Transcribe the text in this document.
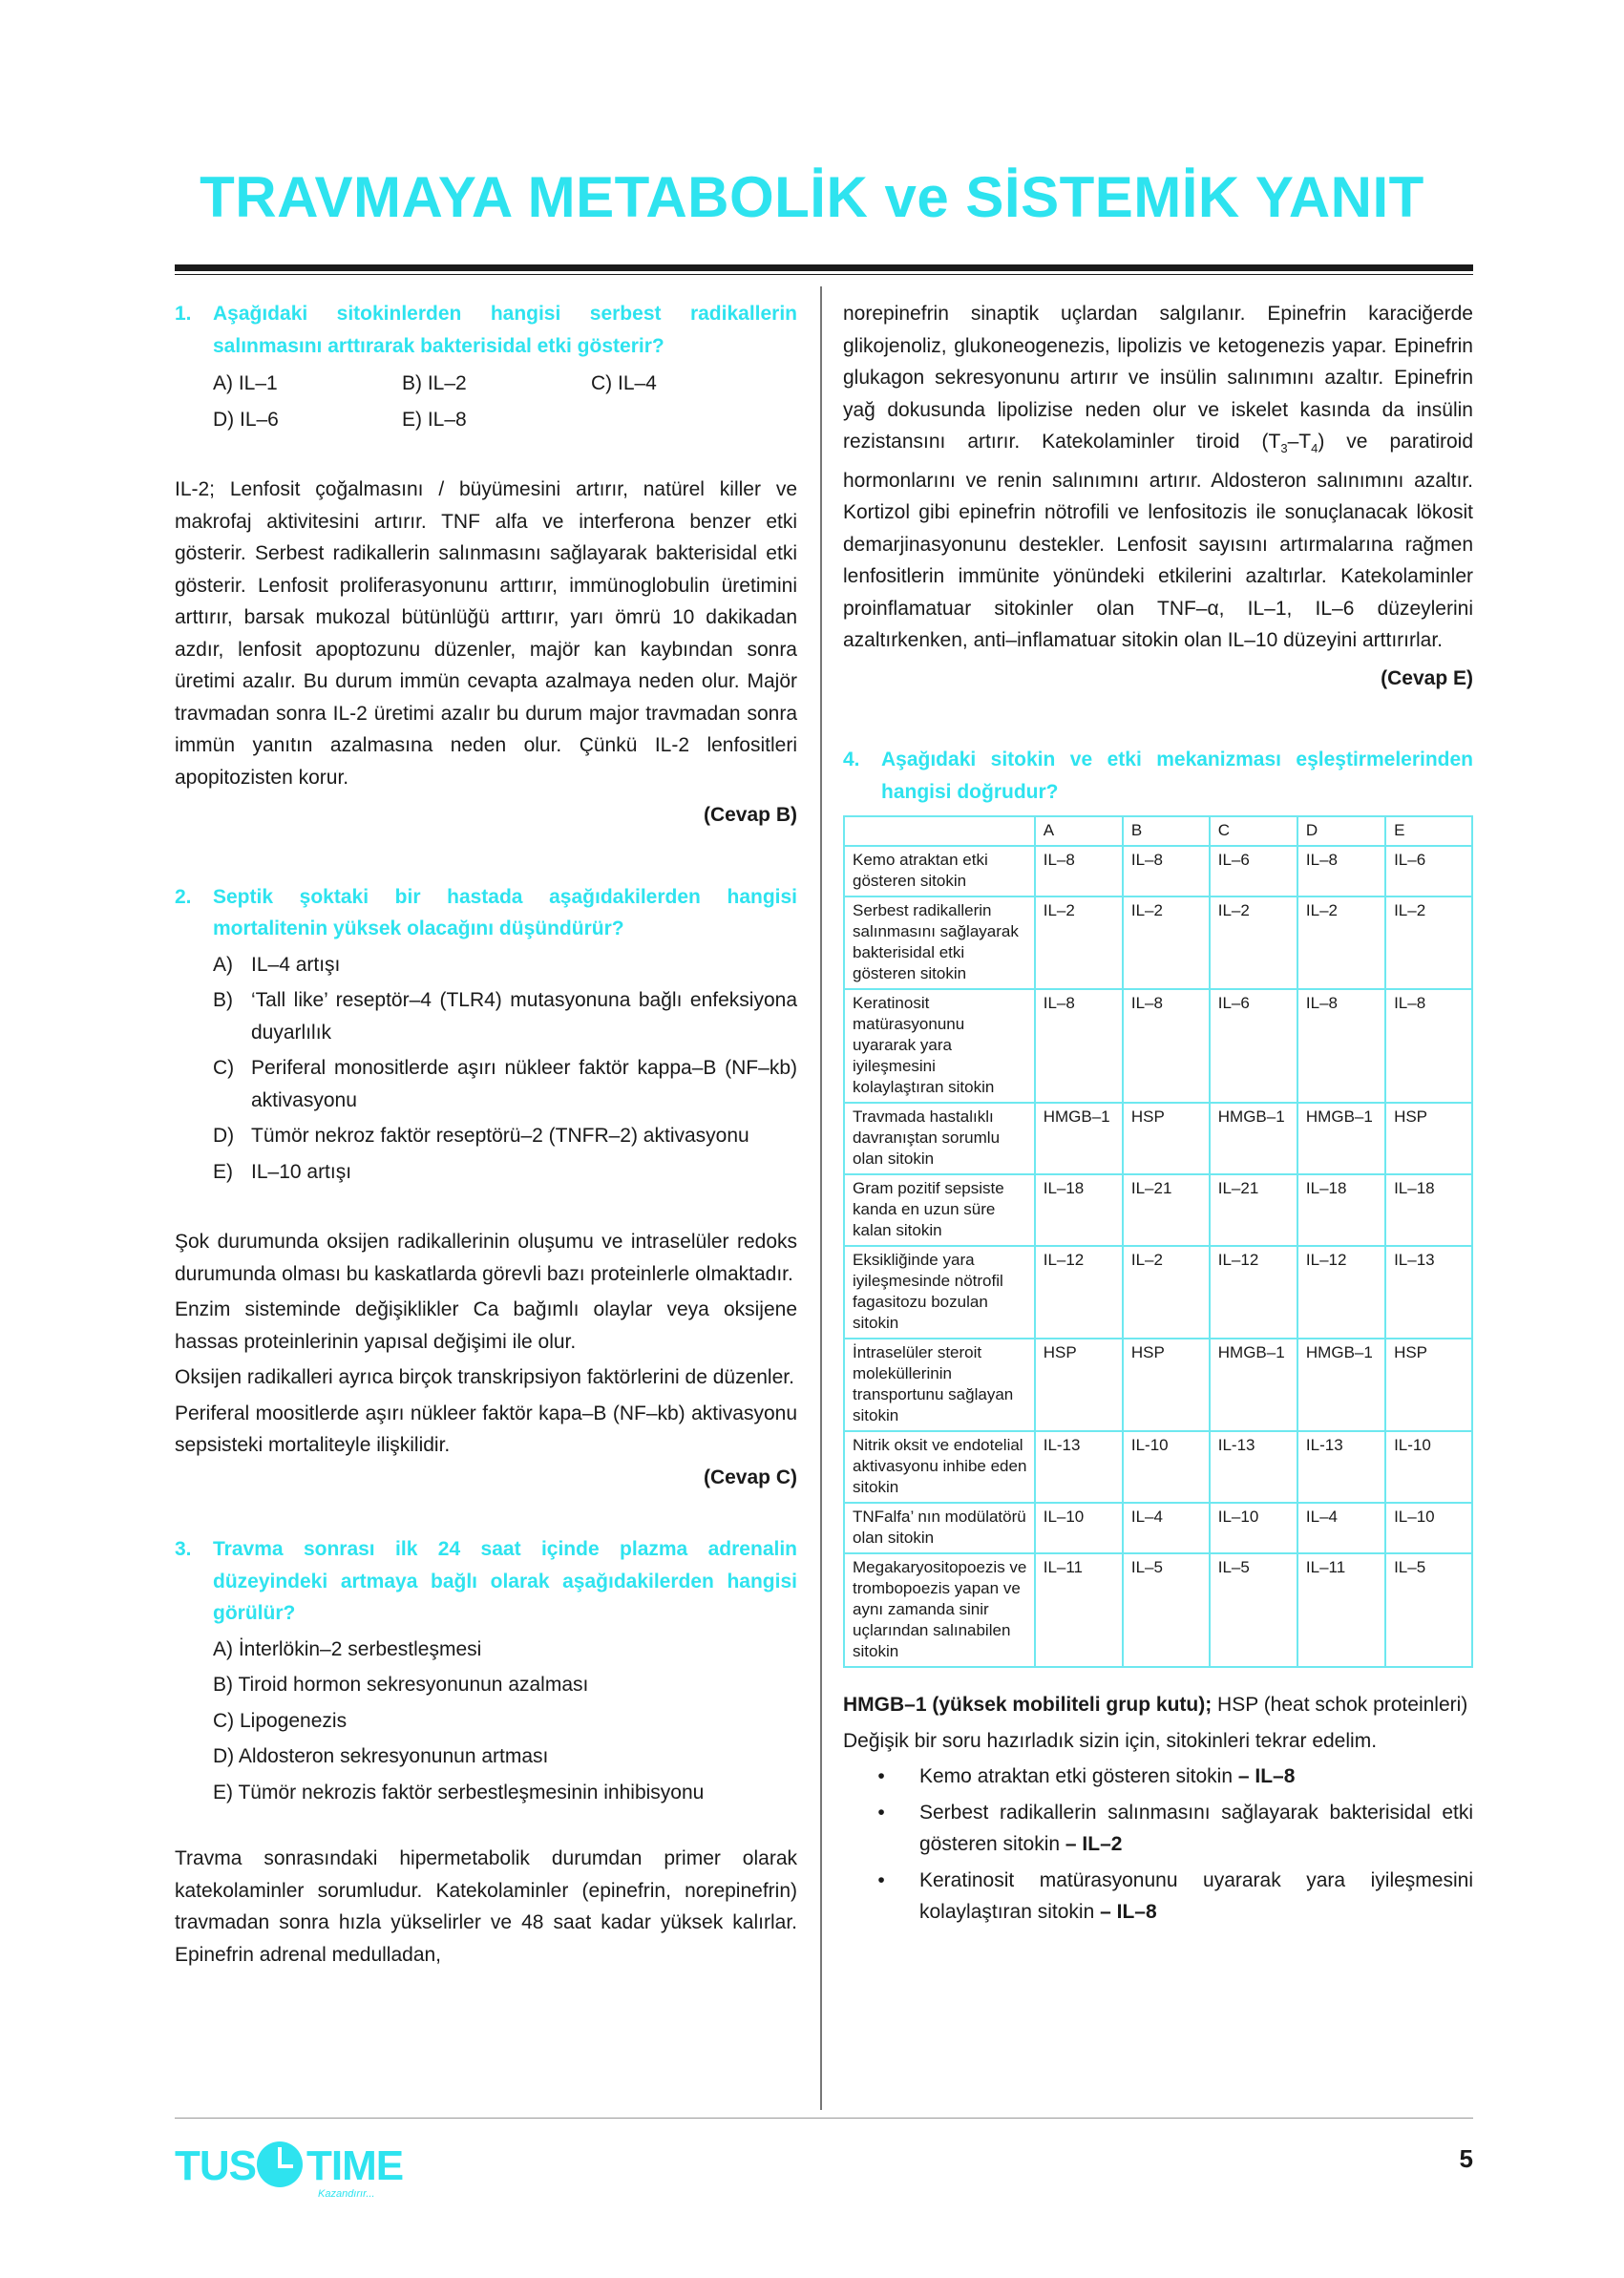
TRAVMAYA METABOLİK ve SİSTEMİK YANIT
1.	Aşağıdaki sitokinlerden hangisi serbest radikallerin salınmasını arttırarak bakterisidal etki gösterir?
A) IL–1	B) IL–2	C) IL–4
D) IL–6	E) IL–8

IL-2; Lenfosit çoğalmasını / büyümesini artırır, natürel killer ve makrofaj aktivitesini artırır. TNF alfa ve interferona benzer etki gösterir. Serbest radikallerin salınmasını sağlayarak bakterisidal etki gösterir. Lenfosit proliferasyonunu arttırır, immünoglobulin üretimini arttırır, barsak mukozal bütünlüğü arttırır, yarı ömrü 10 dakikadan azdır, lenfosit apoptozunu düzenler, majör kan kaybından sonra üretimi azalır. Bu durum immün cevapta azalmaya neden olur. Majör travmadan sonra IL-2 üretimi azalır bu durum major travmadan sonra immün yanıtın azalmasına neden olur. Çünkü IL-2 lenfositleri apopitozisten korur.

(Cevap B)

2.	Septik şoktaki bir hastada aşağıdakilerden hangisi mortalitenin yüksek olacağını düşündürür?
A) IL–4 artışı
B) ‘Tall like’ reseptör–4 (TLR4) mutasyonuna bağlı enfeksiyona duyarlılık
C) Periferal monositlerde aşırı nükleer faktör kappa–B (NF–kb) aktivasyonu
D) Tümör nekroz faktör reseptörü–2 (TNFR–2) aktivasyonu
E) IL–10 artışı

Şok durumunda oksijen radikallerinin oluşumu ve intraselüler redoks durumunda olması bu kaskatlarda görevli bazı proteinlerle olmaktadır.

Enzim sisteminde değişiklikler Ca bağımlı olaylar veya oksijene hassas proteinlerinin yapısal değişimi ile olur.

Oksijen radikalleri ayrıca birçok transkripsiyon faktörlerini de düzenler.

Periferal moositlerde aşırı nükleer faktör kapa–B (NF–kb) aktivasyonu sepsisteki mortaliteyle ilişkilidir.

(Cevap C)

3.	Travma sonrası ilk 24 saat içinde plazma adrenalin düzeyindeki artmaya bağlı olarak aşağıdakilerden hangisi görülür?
A) İnterlökin–2 serbestleşmesi
B) Tiroid hormon sekresyonunun azalması
C) Lipogenezis
D) Aldosteron sekresyonunun artması
E) Tümör nekrozis faktör serbestleşmesinin inhibisyonu

Travma sonrasındaki hipermetabolik durumdan primer olarak katekolaminler sorumludur. Katekolaminler (epinefrin, norepinefrin) travmadan sonra hızla yükselirler ve 48 saat kadar yüksek kalırlar. Epinefrin adrenal medulladan,

norepinefrin sinaptik uçlardan salgılanır. Epinefrin karaciğerde glikojenoliz, glukoneogenezis, lipolizis ve ketogenezis yapar. Epinefrin glukagon sekresyonunu artırır ve insülin salınımını azaltır. Epinefrin yağ dokusunda lipolizise neden olur ve iskelet kasında da insülin rezistansını artırır. Katekolaminler tiroid $(T_3-T_4)$ ve paratiroid hormonlarını ve renin salınımını artırır. Aldosteron salınımını azaltır. Kortizol gibi epinefrin nötrofili ve lenfositozis ile sonuçlanacak lökosit demarjinasyonunu destekler. Lenfosit sayısını artırmalarına rağmen lenfositlerin immünite yönündeki etkilerini azaltırlar. Katekolaminler proinflamatuar sitokinler olan TNF–α, IL–1, IL–6 düzeylerini azaltırkenken, anti–inflamatuar sitokin olan IL–10 düzeyini arttırırlar.

(Cevap E)

4.	Aşağıdaki sitokin ve etki mekanizması eşleştirmelerinden hangisi doğrudur?
	A	B	C	D	E
Kemo atraktan etki gösteren sitokin	IL–8	IL–8	IL–6	IL–8	IL–6
Serbest radikallerin salınmasını sağlayarak bakterisidal etki gösteren sitokin	IL–2	IL–2	IL–2	IL–2	IL–2
Keratinosit matürasyonunu uyararak yara iyileşmesini kolaylaştıran sitokin	IL–8	IL–8	IL–6	IL–8	IL–8
Travmada hastalıklı davranıştan sorumlu olan sitokin	HMGB–1	HSP	HMGB–1	HMGB–1	HSP
Gram pozitif sepsiste kanda en uzun süre kalan sitokin	IL–18	IL–21	IL–21	IL–18	IL–18
Eksikliğinde yara iyileşmesinde nötrofil fagasitozu bozulan sitokin	IL–12	IL–2	IL–12	IL–12	IL–13
İntraselüler steroit moleküllerinin transportunu sağlayan sitokin	HSP	HSP	HMGB–1	HMGB–1	HSP
Nitrik oksit ve endotelial aktivasyonu inhibe eden sitokin	IL-13	IL-10	IL-13	IL-13	IL-10
TNFalfa’ nın modülatörü olan sitokin	IL–10	IL–4	IL–10	IL–4	IL–10
Megakaryositopoezis ve trombopoezis yapan ve aynı zamanda sinir uçlarından salınabilen sitokin	IL–11	IL–5	IL–5	IL–11	IL–5

HMGB–1 (yüksek mobiliteli grup kutu); HSP (heat schok proteinleri)

Değişik bir soru hazırladık sizin için, sitokinleri tekrar edelim.

•	Kemo atraktan etki gösteren sitokin – IL–8
•	Serbest radikallerin salınmasını sağlayarak bakterisidal etki gösteren sitokin – IL–2
•	Keratinosit matürasyonunu uyararak yara iyileşmesini kolaylaştıran sitokin – IL–8
TUS TIME
Kazandırır...
5
